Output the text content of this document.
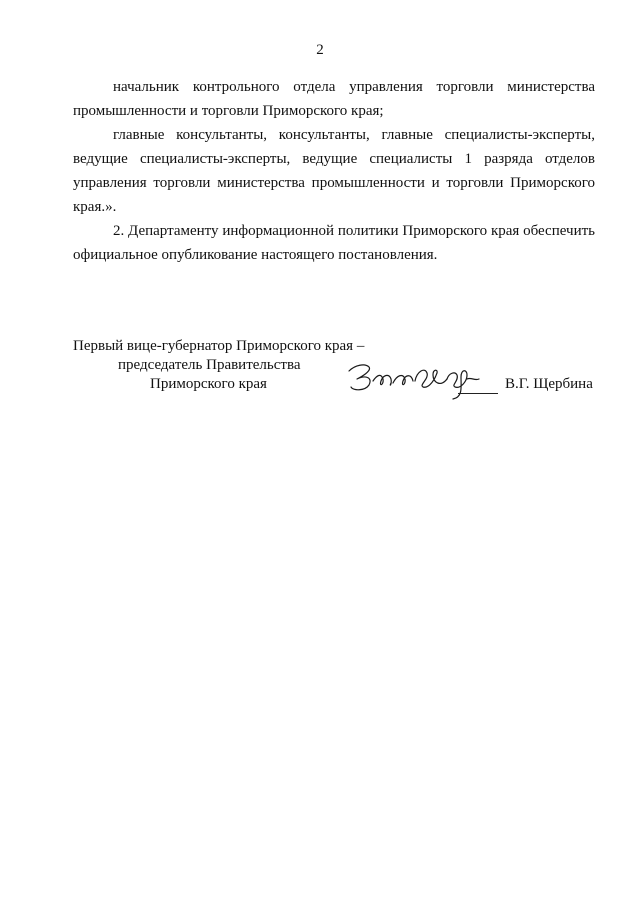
2

начальник контрольного отдела управления торговли министерства промышленности и торговли Приморского края;

главные консультанты, консультанты, главные специалисты-эксперты, ведущие специалисты-эксперты, ведущие специалисты 1 разряда отделов управления торговли министерства промышленности и торговли Приморского края.».

2. Департаменту информационной политики Приморского края обеспечить официальное опубликование настоящего постановления.

Первый вице-губернатор Приморского края –
председатель Правительства
Приморского края	В.Г. Щербина
